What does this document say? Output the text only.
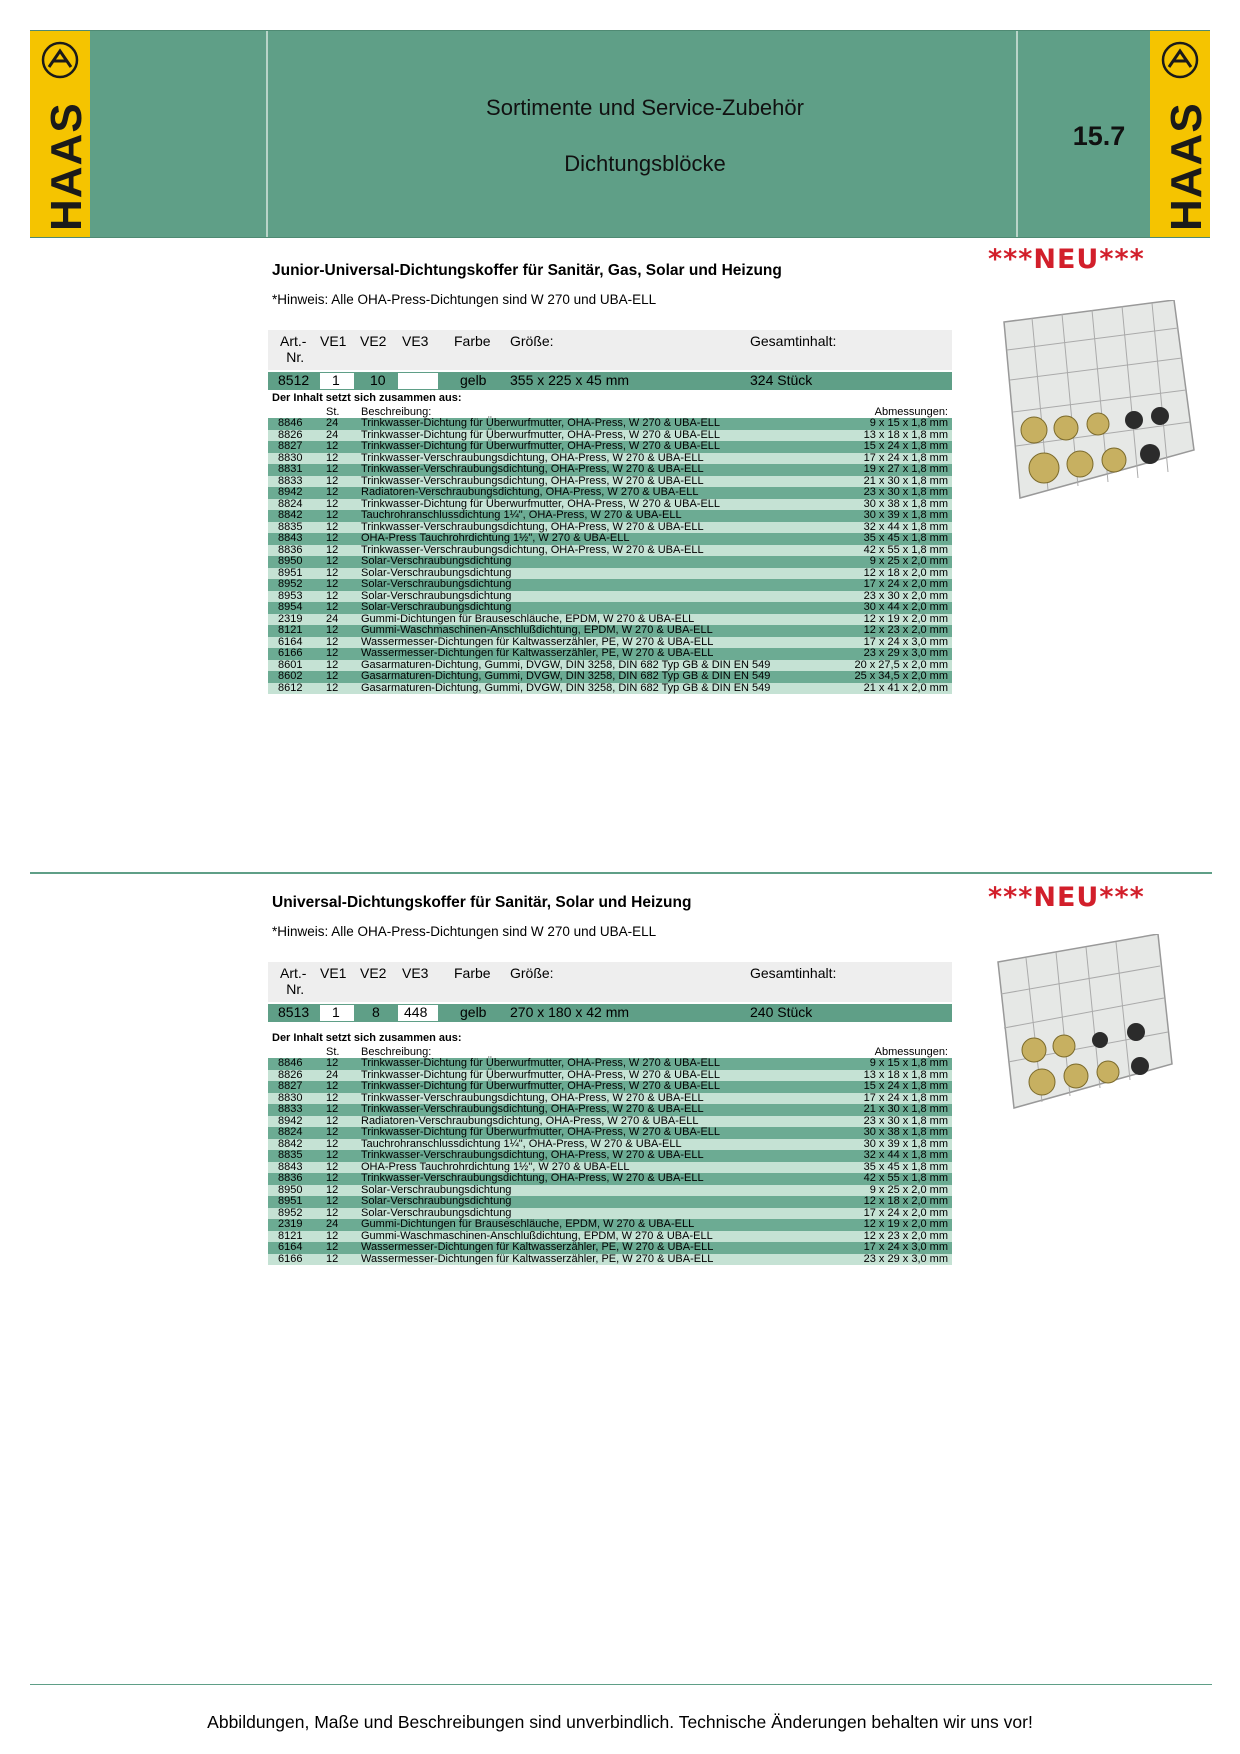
HAAS	Sortimente und Service-Zubehör
Dichtungsblöcke
15.7 HAAS
***NEU***
Junior-Universal-Dichtungskoffer für Sanitär, Gas, Solar und Heizung
*Hinweis: Alle OHA-Press-Dichtungen sind W 270 und UBA-ELL
Art.-
Nr.
VE1 VE2 VE3 Farbe Größe:	Gesamtinhalt:
8512 1 10	gelb 355 x 225 x 45 mm	324 Stück
Der Inhalt setzt sich zusammen aus:
St. Beschreibung:	Abmessungen:
8846 24 Trinkwasser-Dichtung für Überwurfmutter, OHA-Press, W 270 & UBA-ELL	9 x 15 x 1,8 mm
8826 24 Trinkwasser-Dichtung für Überwurfmutter, OHA-Press, W 270 & UBA-ELL	13 x 18 x 1,8 mm
8827 12 Trinkwasser-Dichtung für Überwurfmutter, OHA-Press, W 270 & UBA-ELL	15 x 24 x 1,8 mm
8830 12 Trinkwasser-Verschraubungsdichtung, OHA-Press, W 270 & UBA-ELL	17 x 24 x 1,8 mm
8831 12 Trinkwasser-Verschraubungsdichtung, OHA-Press, W 270 & UBA-ELL	19 x 27 x 1,8 mm
8833 12 Trinkwasser-Verschraubungsdichtung, OHA-Press, W 270 & UBA-ELL	21 x 30 x 1,8 mm
8942 12 Radiatoren-Verschraubungsdichtung, OHA-Press, W 270 & UBA-ELL	23 x 30 x 1,8 mm
8824 12 Trinkwasser-Dichtung für Überwurfmutter, OHA-Press, W 270 & UBA-ELL	30 x 38 x 1,8 mm
8842 12 Tauchrohranschlussdichtung 1¼", OHA-Press, W 270 & UBA-ELL	30 x 39 x 1,8 mm
8835 12 Trinkwasser-Verschraubungsdichtung, OHA-Press, W 270 & UBA-ELL	32 x 44 x 1,8 mm
8843 12 OHA-Press Tauchrohrdichtung 1½", W 270 & UBA-ELL	35 x 45 x 1,8 mm
8836 12 Trinkwasser-Verschraubungsdichtung, OHA-Press, W 270 & UBA-ELL	42 x 55 x 1,8 mm
8950 12 Solar-Verschraubungsdichtung	9 x 25 x 2,0 mm
8951 12 Solar-Verschraubungsdichtung	12 x 18 x 2,0 mm
8952 12 Solar-Verschraubungsdichtung	17 x 24 x 2,0 mm
8953 12 Solar-Verschraubungsdichtung	23 x 30 x 2,0 mm
8954 12 Solar-Verschraubungsdichtung	30 x 44 x 2,0 mm
2319 24 Gummi-Dichtungen für Brauseschläuche, EPDM, W 270 & UBA-ELL	12 x 19 x 2,0 mm
8121 12 Gummi-Waschmaschinen-Anschlußdichtung, EPDM, W 270 & UBA-ELL	12 x 23 x 2,0 mm
6164 12 Wassermesser-Dichtungen für Kaltwasserzähler, PE, W 270 & UBA-ELL	17 x 24 x 3,0 mm
6166 12 Wassermesser-Dichtungen für Kaltwasserzähler, PE, W 270 & UBA-ELL	23 x 29 x 3,0 mm
8601 12 Gasarmaturen-Dichtung, Gummi, DVGW, DIN 3258, DIN 682 Typ GB & DIN EN 549	20 x 27,5 x 2,0 mm
8602 12 Gasarmaturen-Dichtung, Gummi, DVGW, DIN 3258, DIN 682 Typ GB & DIN EN 549	25 x 34,5 x 2,0 mm
8612 12 Gasarmaturen-Dichtung, Gummi, DVGW, DIN 3258, DIN 682 Typ GB & DIN EN 549	21 x 41 x 2,0 mm
***NEU***
Universal-Dichtungskoffer für Sanitär, Solar und Heizung
*Hinweis: Alle OHA-Press-Dichtungen sind W 270 und UBA-ELL
Art.-
Nr.
VE1 VE2 VE3 Farbe Größe:	Gesamtinhalt:
8513 1 8 448 gelb 270 x 180 x 42 mm	240 Stück
Der Inhalt setzt sich zusammen aus:
St. Beschreibung:	Abmessungen:
8846 12 Trinkwasser-Dichtung für Überwurfmutter, OHA-Press, W 270 & UBA-ELL	9 x 15 x 1,8 mm
8826 24 Trinkwasser-Dichtung für Überwurfmutter, OHA-Press, W 270 & UBA-ELL	13 x 18 x 1,8 mm
8827 12 Trinkwasser-Dichtung für Überwurfmutter, OHA-Press, W 270 & UBA-ELL	15 x 24 x 1,8 mm
8830 12 Trinkwasser-Verschraubungsdichtung, OHA-Press, W 270 & UBA-ELL	17 x 24 x 1,8 mm
8833 12 Trinkwasser-Verschraubungsdichtung, OHA-Press, W 270 & UBA-ELL	21 x 30 x 1,8 mm
8942 12 Radiatoren-Verschraubungsdichtung, OHA-Press, W 270 & UBA-ELL	23 x 30 x 1,8 mm
8824 12 Trinkwasser-Dichtung für Überwurfmutter, OHA-Press, W 270 & UBA-ELL	30 x 38 x 1,8 mm
8842 12 Tauchrohranschlussdichtung 1¼", OHA-Press, W 270 & UBA-ELL	30 x 39 x 1,8 mm
8835 12 Trinkwasser-Verschraubungsdichtung, OHA-Press, W 270 & UBA-ELL	32 x 44 x 1,8 mm
8843 12 OHA-Press Tauchrohrdichtung 1½", W 270 & UBA-ELL	35 x 45 x 1,8 mm
8836 12 Trinkwasser-Verschraubungsdichtung, OHA-Press, W 270 & UBA-ELL	42 x 55 x 1,8 mm
8950 12 Solar-Verschraubungsdichtung	9 x 25 x 2,0 mm
8951 12 Solar-Verschraubungsdichtung	12 x 18 x 2,0 mm
8952 12 Solar-Verschraubungsdichtung	17 x 24 x 2,0 mm
2319 24 Gummi-Dichtungen für Brauseschläuche, EPDM, W 270 & UBA-ELL	12 x 19 x 2,0 mm
8121 12 Gummi-Waschmaschinen-Anschlußdichtung, EPDM, W 270 & UBA-ELL	12 x 23 x 2,0 mm
6164 12 Wassermesser-Dichtungen für Kaltwasserzähler, PE, W 270 & UBA-ELL	17 x 24 x 3,0 mm
6166 12 Wassermesser-Dichtungen für Kaltwasserzähler, PE, W 270 & UBA-ELL	23 x 29 x 3,0 mm
Abbildungen, Maße und Beschreibungen sind unverbindlich. Technische Änderungen behalten wir uns vor!
